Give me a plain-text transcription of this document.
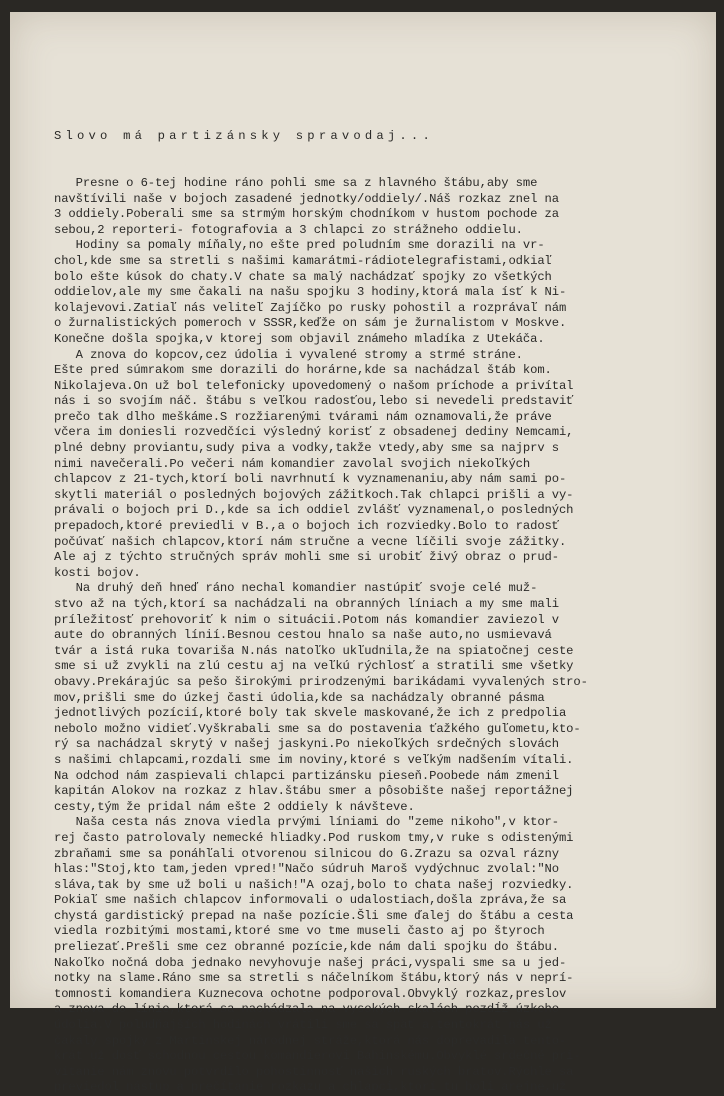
Slovo má partizánsky spravodaj...

Presne o 6-tej hodine ráno pohli sme sa z hlavného štábu,aby sme
navštívili naše v bojoch zasadené jednotky/oddiely/.Náš rozkaz znel na
3 oddiely.Poberali sme sa strmým horským chodníkom v hustom pochode za
sebou,2 reporteri- fotografovia a 3 chlapci zo strážneho oddielu.
Hodiny sa pomaly míňaly,no ešte pred poludním sme dorazili na vr-
chol,kde sme sa stretli s našimi kamarátmi-rádiotelegrafistami,odkiaľ
bolo ešte kúsok do chaty.V chate sa malý nachádzať spojky zo všetkých
oddielov,ale my sme čakali na našu spojku 3 hodiny,ktorá mala ísť k Ni-
kolajevovi.Zatiaľ nás veliteľ Zajíčko po rusky pohostil a rozprávaľ nám
o žurnalistických pomeroch v SSSR,keďže on sám je žurnalistom v Moskve.
Konečne došla spojka,v ktorej som objavil známeho mladíka z Utekáča.
A znova do kopcov,cez údolia i vyvalené stromy a strmé stráne.
Ešte pred súmrakom sme dorazili do horárne,kde sa nachádzal štáb kom.
Nikolajeva.On už bol telefonicky upovedomený o našom príchode a privítal
nás i so svojím náč. štábu s veľkou radosťou,lebo si nevedeli predstaviť
prečo tak dlho meškáme.S rozžiarenými tvárami nám oznamovali,že práve
včera im doniesli rozvedčíci výsledný korisť z obsadenej dediny Nemcami,
plné debny proviantu,sudy piva a vodky,takže vtedy,aby sme sa najprv s
nimi navečerali.Po večeri nám komandier zavolal svojich niekoľkých
chlapcov z 21-tych,ktorí boli navrhnutí k vyznamenaniu,aby nám sami po-
skytli materiál o posledných bojových zážitkoch.Tak chlapci prišli a vy-
právali o bojoch pri D.,kde sa ich oddiel zvlášť vyznamenal,o posledných
prepadoch,ktoré previedli v B.,a o bojoch ich rozviedky.Bolo to radosť
počúvať našich chlapcov,ktorí nám stručne a vecne líčili svoje zážitky.
Ale aj z týchto stručných správ mohli sme si urobiť živý obraz o prud-
kosti bojov.
Na druhý deň hneď ráno nechal komandier nastúpiť svoje celé muž-
stvo až na tých,ktorí sa nachádzali na obranných líniach a my sme mali
príležitosť prehovoriť k nim o situácii.Potom nás komandier zaviezol v
aute do obranných línií.Besnou cestou hnalo sa naše auto,no usmievavá
tvár a istá ruka tovariša N.nás natoľko ukľudnila,že na spiatočnej ceste
sme si už zvykli na zlú cestu aj na veľkú rýchlosť a stratili sme všetky
obavy.Prekárajúc sa pešo širokými prirodzenými barikádami vyvalených stro-
mov,prišli sme do úzkej časti údolia,kde sa nachádzaly obranné pásma
jednotlivých pozícií,ktoré boly tak skvele maskované,že ich z predpolia
nebolo možno vidieť.Vyškrabali sme sa do postavenia ťažkého guľometu,kto-
rý sa nachádzal skrytý v našej jaskyni.Po niekoľkých srdečných slovách
s našimi chlapcami,rozdali sme im noviny,ktoré s veľkým nadšením vítali.
Na odchod nám zaspievali chlapci partizánsku pieseň.Poobede nám zmenil
kapitán Alokov na rozkaz z hlav.štábu smer a pôsobište našej reportážnej
cesty,tým že pridal nám ešte 2 oddiely k návšteve.
Naša cesta nás znova viedla prvými líniami do "zeme nikoho",v ktor-
rej často patrolovaly nemecké hliadky.Pod ruskom tmy,v ruke s odistenými
zbraňami sme sa ponáhľali otvorenou silnicou do G.Zrazu sa ozval rázny
hlas:"Stoj,kto tam,jeden vpred!"Načo súdruh Maroš vydýchnuc zvolal:"No
sláva,tak by sme už boli u našich!"A ozaj,bolo to chata našej rozviedky.
Pokiaľ sme našich chlapcov informovali o udalostiach,došla zpráva,že sa
chystá gardistický prepad na naše pozície.Šli sme ďalej do štábu a cesta
viedla rozbitými mostami,ktoré sme vo tme museli často aj po štyroch
preliezať.Prešli sme cez obranné pozície,kde nám dali spojku do štábu.
Nakoľko nočná doba jednako nevyhovuje našej práci,vyspali sme sa u jed-
notky na slame.Ráno sme sa stretli s náčelníkom štábu,ktorý nás v neprí-
tomnosti komandiera Kuznecova ochotne podporoval.Obvyklý rozkaz,preslov
a znova do línie,ktorá sa nachádzala na vysokých skalách pozdĺž úzkeho
údolia.V poludňajších hodinách vrátili sme sa späť a,tentokrát nás už
čakaly spojky z Martinskej národnej stráže,ktorá nás doprevadila tento-
krát už dosť schodnou cestou komandierovi Bahinskému.Obvyklé srdečné pri-
vítanie nám znovu potvrdilo pohostinnosť našich ruských bratov.Rýchle sa
previedol nástup a prečítanie rozkazu a chlapci,ktorí tu boli arejne,už
